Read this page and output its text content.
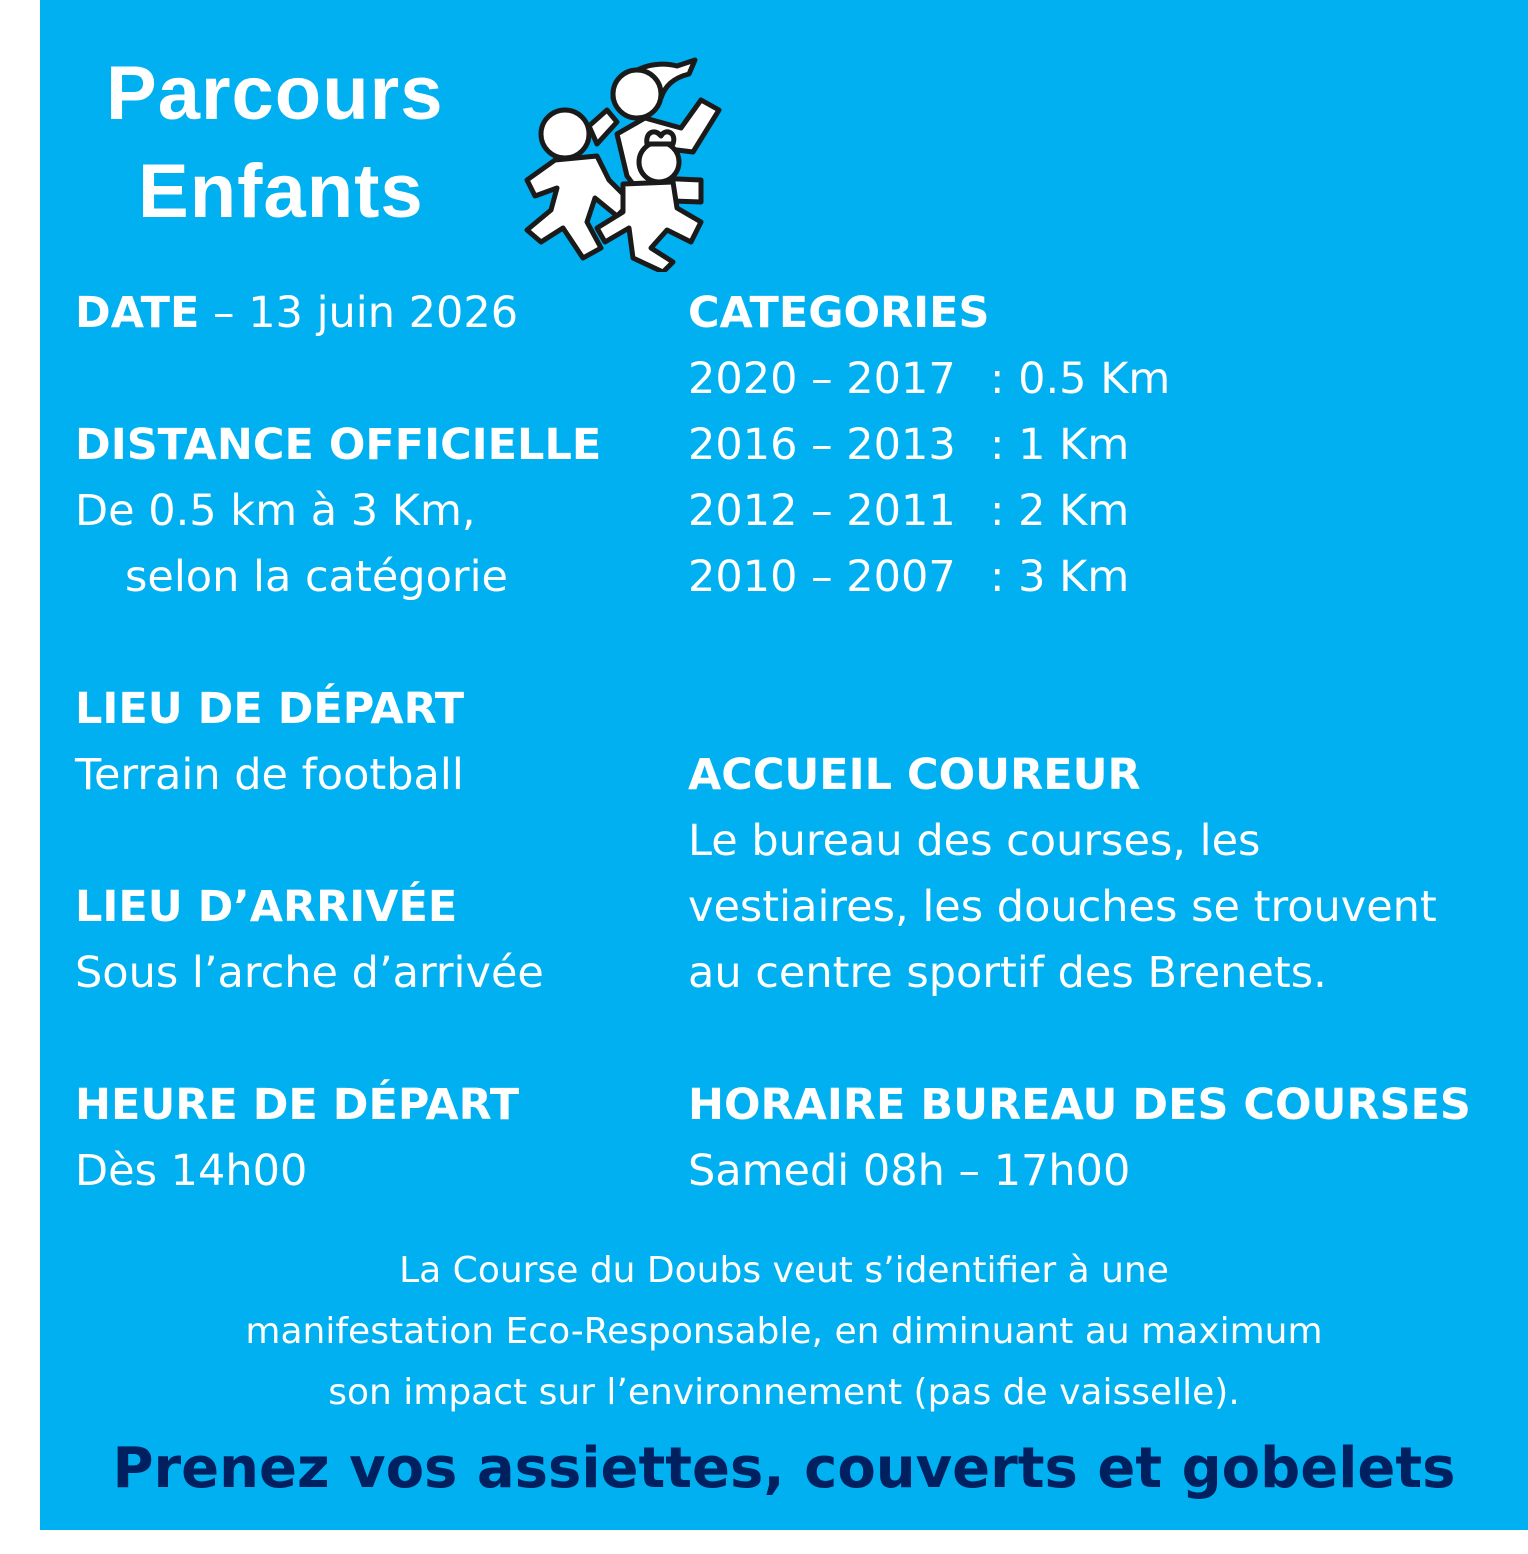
Parcours
Enfants
DATE – 13 juin 2026
DISTANCE OFFICIELLE
De 0.5 km à 3 Km,
selon la catégorie
LIEU DE DÉPART
Terrain de football
LIEU D’ARRIVÉE
Sous l’arche d’arrivée
HEURE DE DÉPART
Dès 14h00
CATEGORIES
2020 – 2017 : 0.5 Km
2016 – 2013 : 1 Km
2012 – 2011 : 2 Km
2010 – 2007 : 3 Km
ACCUEIL COUREUR
Le bureau des courses, les
vestiaires, les douches se trouvent
au centre sportif des Brenets.
HORAIRE BUREAU DES COURSES
Samedi 08h – 17h00
La Course du Doubs veut s’identifier à une
manifestation Eco-Responsable, en diminuant au maximum
son impact sur l’environnement (pas de vaisselle).
Prenez vos assiettes, couverts et gobelets
